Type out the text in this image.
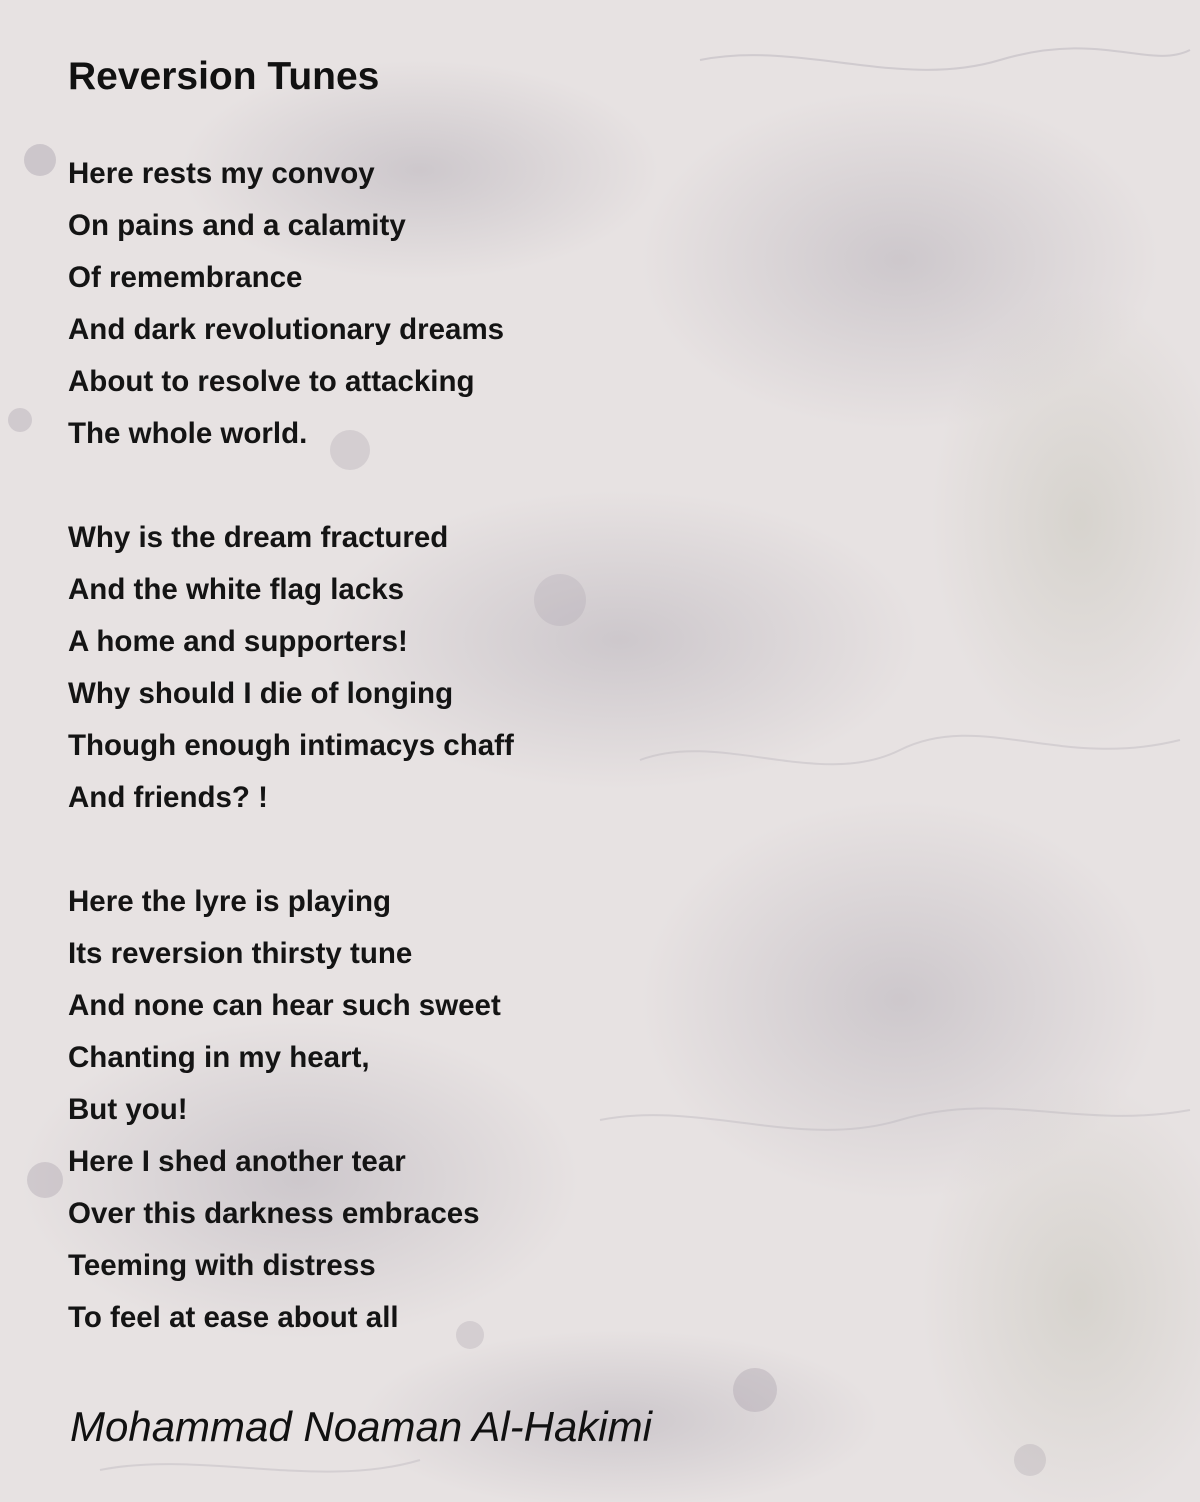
Reversion Tunes
Here rests my convoy
On pains and a calamity
Of remembrance
And dark revolutionary dreams
About to resolve to attacking
The whole world.
Why is the dream fractured
And the white flag lacks
A home and supporters!
Why should I die of longing
Though enough intimacys chaff
And friends? !
Here the lyre is playing
Its reversion thirsty tune
And none can hear such sweet
Chanting in my heart,
But you!
Here I shed another tear
Over this darkness embraces
Teeming with distress
To feel at ease about all

Mohammad Noaman Al-Hakimi
